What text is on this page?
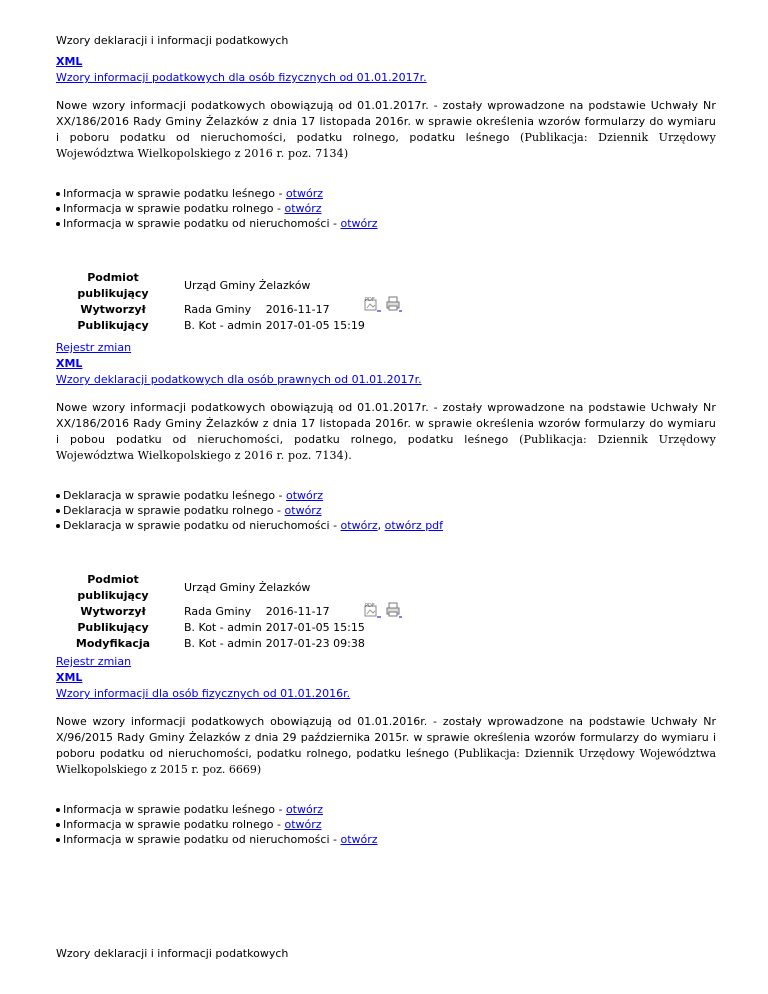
Wzory deklaracji i informacji podatkowych
XML
Wzory informacji podatkowych dla osób fizycznych od 01.01.2017r.

Nowe wzory informacji podatkowych obowiązują od 01.01.2017r. - zostały wprowadzone na podstawie Uchwały Nr XX/186/2016 Rady Gminy Żelazków z dnia 17 listopada 2016r. w sprawie określenia wzorów formularzy do wymiaru i poboru podatku od nieruchomości, podatku rolnego, podatku leśnego (Publikacja: Dziennik Urzędowy Województwa Wielkopolskiego z 2016 r. poz. 7134)

Informacja w sprawie podatku leśnego - otwórz
Informacja w sprawie podatku rolnego - otwórz
Informacja w sprawie podatku od nieruchomości - otwórz
Podmiot publikujący	Urząd Gminy Żelazków	
Wytworzył	Rada Gminy	2016-11-17
Publikujący	B. Kot - admin	2017-01-05 15:19
PDF
Rejestr zmian
XML
Wzory deklaracji podatkowych dla osób prawnych od 01.01.2017r.

Nowe wzory informacji podatkowych obowiązują od 01.01.2017r. - zostały wprowadzone na podstawie Uchwały Nr XX/186/2016 Rady Gminy Żelazków z dnia 17 listopada 2016r. w sprawie określenia wzorów formularzy do wymiaru i pobou podatku od nieruchomości, podatku rolnego, podatku leśnego (Publikacja: Dziennik Urzędowy Województwa Wielkopolskiego z 2016 r. poz. 7134).

Deklaracja w sprawie podatku leśnego - otwórz
Deklaracja w sprawie podatku rolnego - otwórz
Deklaracja w sprawie podatku od nieruchomości - otwórz, otwórz pdf
Podmiot publikujący	Urząd Gminy Żelazków	
Wytworzył	Rada Gminy	2016-11-17
Publikujący	B. Kot - admin	2017-01-05 15:15
Modyfikacja	B. Kot - admin	2017-01-23 09:38
PDF
Rejestr zmian
XML
Wzory informacji dla osób fizycznych od 01.01.2016r.

Nowe wzory informacji podatkowych obowiązują od 01.01.2016r. - zostały wprowadzone na podstawie Uchwały Nr X/96/2015 Rady Gminy Żelazków z dnia 29 października 2015r. w sprawie określenia wzorów formularzy do wymiaru i poboru podatku od nieruchomości, podatku rolnego, podatku leśnego (Publikacja: Dziennik Urzędowy Województwa Wielkopolskiego z 2015 r. poz. 6669)

Informacja w sprawie podatku leśnego - otwórz
Informacja w sprawie podatku rolnego - otwórz
Informacja w sprawie podatku od nieruchomości - otwórz
Wzory deklaracji i informacji podatkowych
